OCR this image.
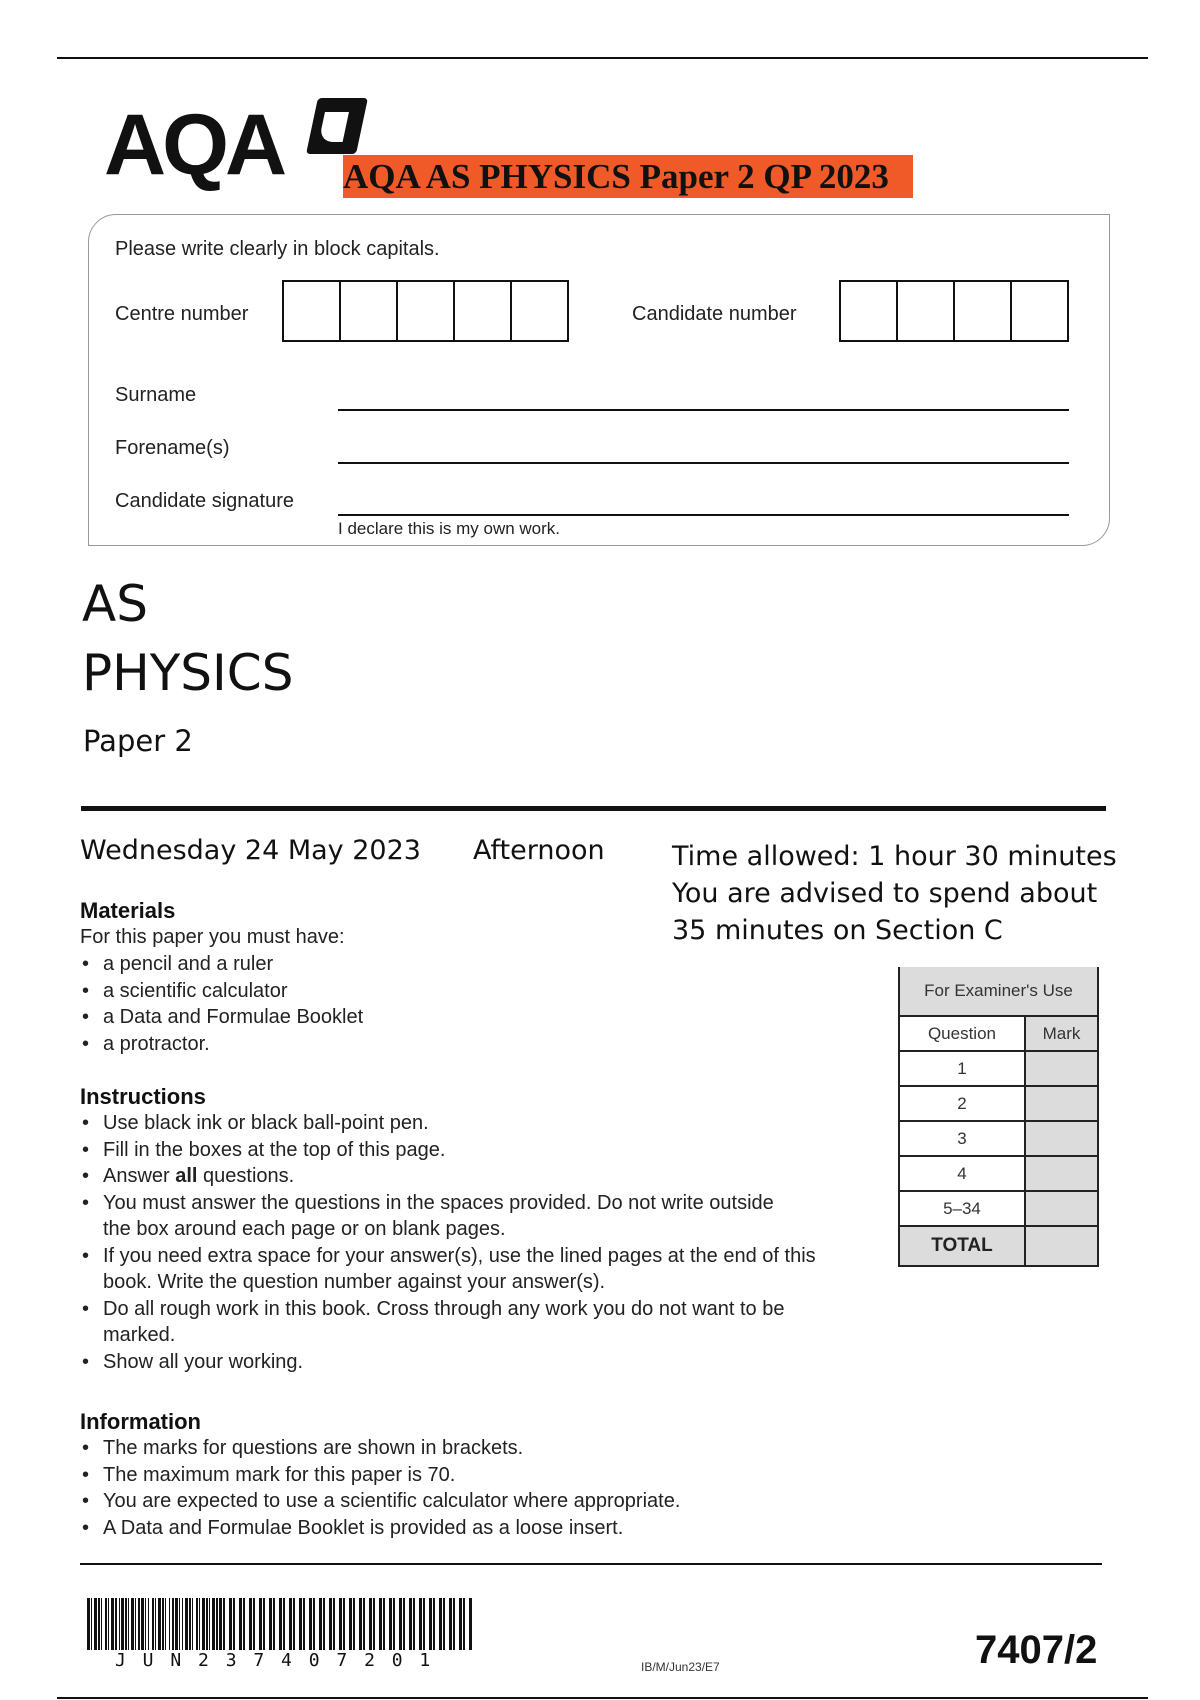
AQA AQA AS PHYSICS Paper 2 QP 2023
Please write clearly in block capitals.
Centre number	Candidate number
Surname
Forename(s)
Candidate signature
I declare this is my own work.
AS
PHYSICS
Paper 2
Wednesday 24 May 2023 Afternoon Time allowed: 1 hour 30 minutes
You are advised to spend about
35 minutes on Section C
Materials
For this paper you must have:
• a pencil and a ruler
• a scientific calculator
• a Data and Formulae Booklet
• a protractor.
Instructions
• Use black ink or black ball-point pen.
• Fill in the boxes at the top of this page.
• Answer all questions.
• You must answer the questions in the spaces provided. Do not write outside the box around each page or on blank pages.
• If you need extra space for your answer(s), use the lined pages at the end of this book. Write the question number against your answer(s).
• Do all rough work in this book. Cross through any work you do not want to be marked.
• Show all your working.
Information
• The marks for questions are shown in brackets.
• The maximum mark for this paper is 70.
• You are expected to use a scientific calculator where appropriate.
• A Data and Formulae Booklet is provided as a loose insert.
For Examiner's Use	
Question	Mark
1	
2	
3	
4	
5–34	
TOTAL	
J U N 2 3 7 4 0 7 2 0 1	IB/M/Jun23/E7	7407/2
